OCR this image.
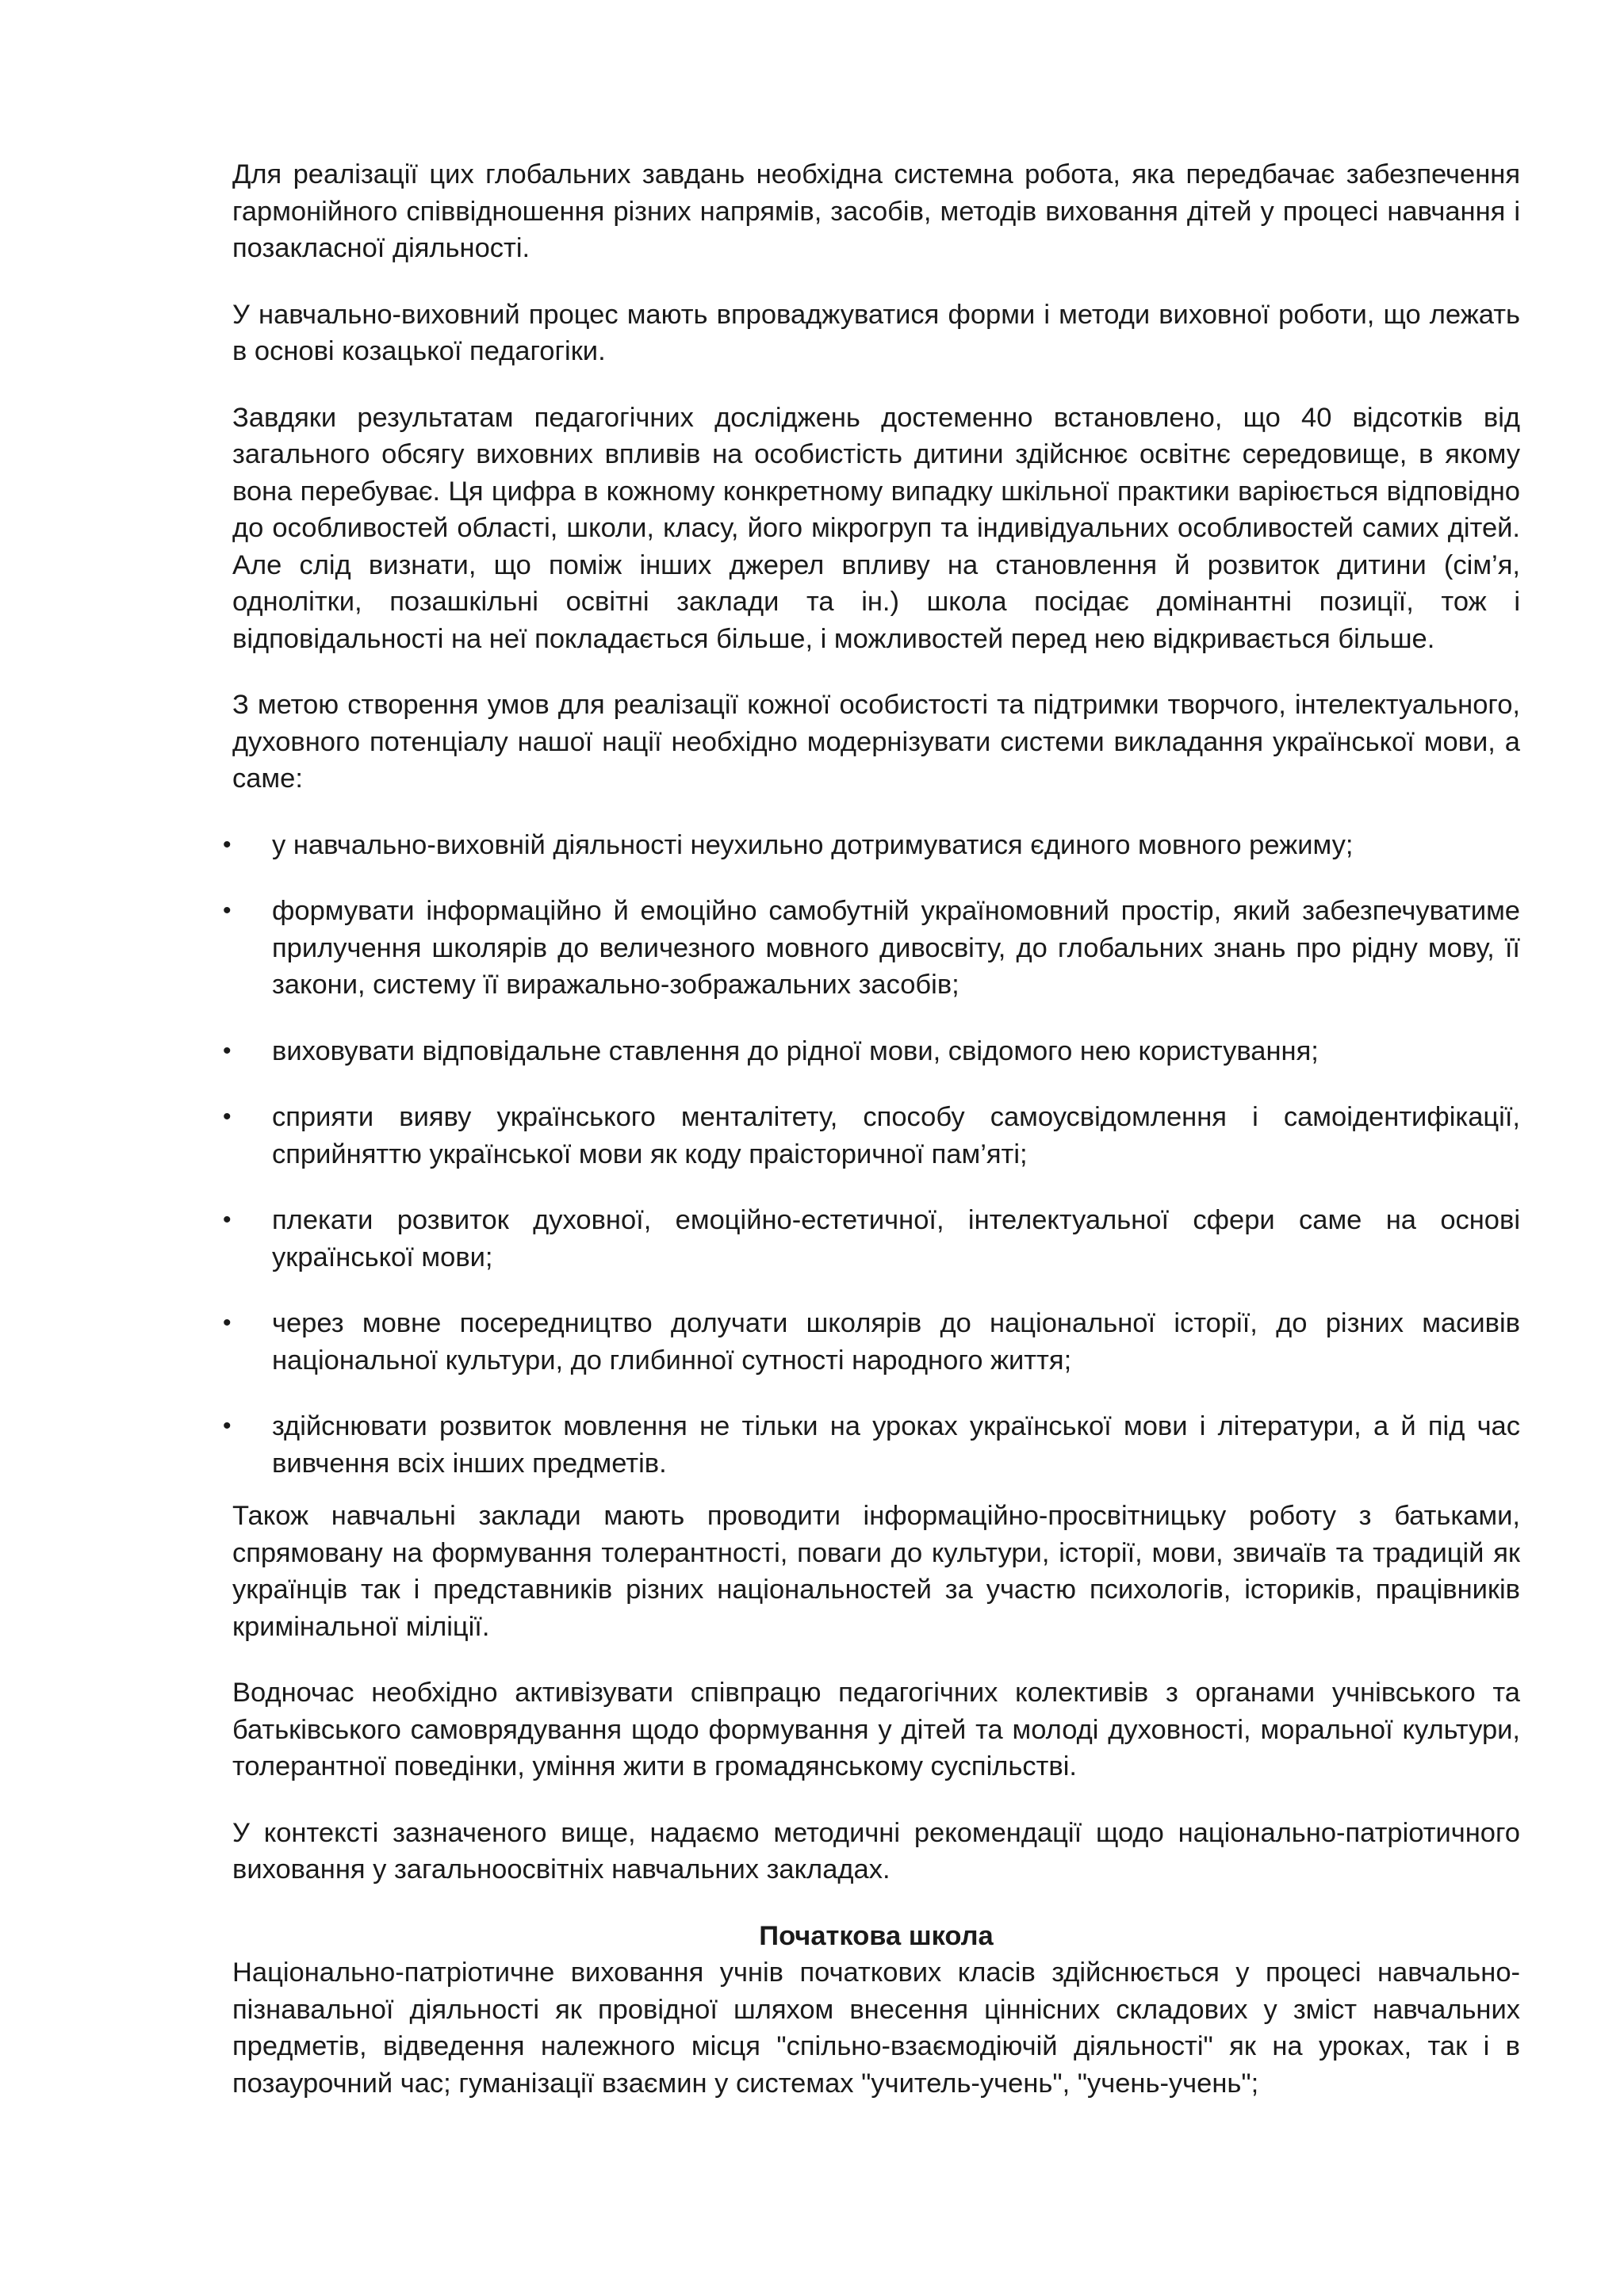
Для реалізації цих глобальних завдань необхідна системна робота, яка передбачає забезпечення гармонійного співвідношення різних напрямів, засобів, методів виховання дітей у процесі навчання і позакласної діяльності.

У навчально-виховний процес мають впроваджуватися форми і методи виховної роботи, що лежать в основі козацької педагогіки.

Завдяки результатам педагогічних досліджень достеменно встановлено, що 40 відсотків від загального обсягу виховних впливів на особистість дитини здійснює освітнє середовище, в якому вона перебуває. Ця цифра в кожному конкретному випадку шкільної практики варіюється відповідно до особливостей області, школи, класу, його мікрогруп та індивідуальних особливостей самих дітей. Але слід визнати, що поміж інших джерел впливу на становлення й розвиток дитини (сім’я, однолітки, позашкільні освітні заклади та ін.) школа посідає домінантні позиції, тож і відповідальності на неї покладається більше, і можливостей перед нею відкривається більше.

З метою створення умов для реалізації кожної особистості та підтримки творчого, інтелектуального, духовного потенціалу нашої нації необхідно модернізувати системи викладання української мови, а саме:

• у навчально-виховній діяльності неухильно дотримуватися єдиного мовного режиму;
• формувати інформаційно й емоційно самобутній україномовний простір, який забезпечуватиме прилучення школярів до величезного мовного дивосвіту, до глобальних знань про рідну мову, її закони, систему її виражально-зображальних засобів;
• виховувати відповідальне ставлення до рідної мови, свідомого нею користування;
• сприяти вияву українського менталітету, способу самоусвідомлення і самоідентифікації, сприйняттю української мови як коду праісторичної пам’яті;
• плекати розвиток духовної, емоційно-естетичної, інтелектуальної сфери саме на основі української мови;
• через мовне посередництво долучати школярів до національної історії, до різних масивів національної культури, до глибинної сутності народного життя;
• здійснювати розвиток мовлення не тільки на уроках української мови і літератури, а й під час вивчення всіх інших предметів.

Також навчальні заклади мають проводити інформаційно-просвітницьку роботу з батьками, спрямовану на формування толерантності, поваги до культури, історії, мови, звичаїв та традицій як українців так і представників різних національностей за участю психологів, істориків, працівників кримінальної міліції.

Водночас необхідно активізувати співпрацю педагогічних колективів з органами учнівського та батьківського самоврядування щодо формування у дітей та молоді духовності, моральної культури, толерантної поведінки, уміння жити в громадянському суспільстві.

У контексті зазначеного вище, надаємо методичні рекомендації щодо національно-патріотичного виховання у загальноосвітніх навчальних закладах.

Початкова школа

Національно-патріотичне виховання учнів початкових класів здійснюється у процесі навчально-пізнавальної діяльності як провідної шляхом внесення ціннісних складових у зміст навчальних предметів, відведення належного місця "спільно-взаємодіючій діяльності" як на уроках, так і в позаурочний час; гуманізації взаємин у системах "учитель-учень", "учень-учень";
